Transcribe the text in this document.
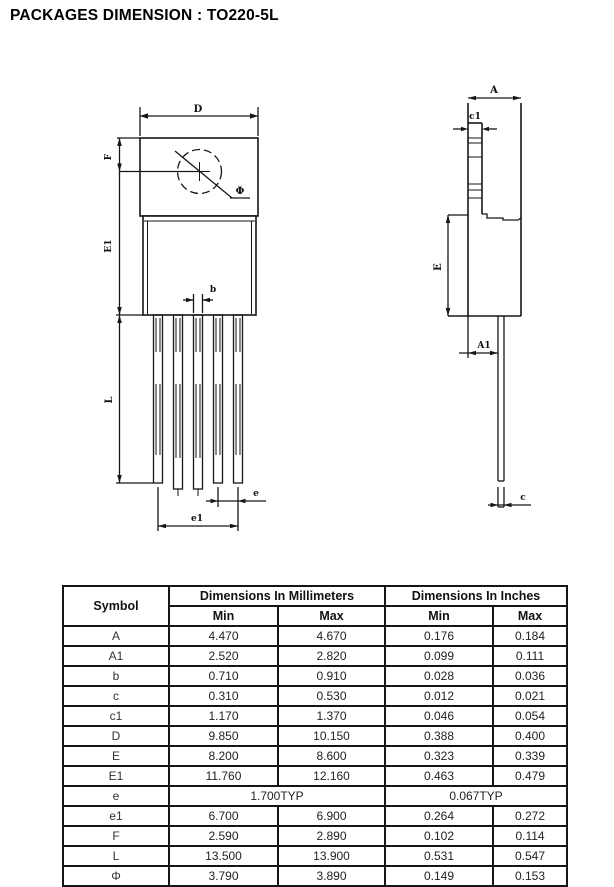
PACKAGES DIMENSION : TO220-5L
D
Φ
F
E1
L
b
e
e1
A
c1
E
A1
c
Symbol	Dimensions In Millimeters		Dimensions In Inches	
	Min	Max	Min	Max
A	4.470	4.670	0.176	0.184
A1	2.520	2.820	0.099	0.111
b	0.710	0.910	0.028	0.036
c	0.310	0.530	0.012	0.021
c1	1.170	1.370	0.046	0.054
D	9.850	10.150	0.388	0.400
E	8.200	8.600	0.323	0.339
E1	11.760	12.160	0.463	0.479
e	1.700TYP		0.067TYP	
e1	6.700	6.900	0.264	0.272
F	2.590	2.890	0.102	0.114
L	13.500	13.900	0.531	0.547
Φ	3.790	3.890	0.149	0.153
